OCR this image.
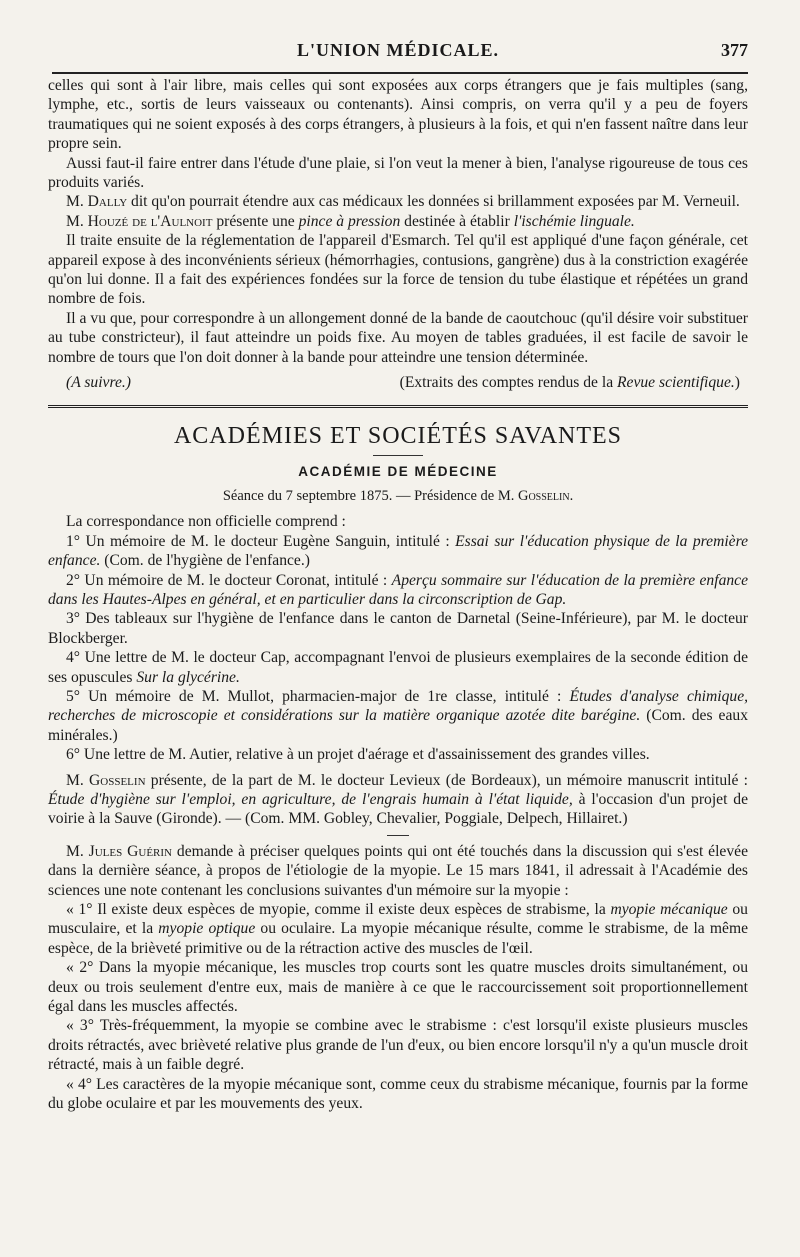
L'UNION MÉDICALE.	377

celles qui sont à l'air libre, mais celles qui sont exposées aux corps étrangers que je fais multiples (sang, lymphe, etc., sortis de leurs vaisseaux ou contenants). Ainsi compris, on verra qu'il y a peu de foyers traumatiques qui ne soient exposés à des corps étrangers, à plusieurs à la fois, et qui n'en fassent naître dans leur propre sein.

Aussi faut-il faire entrer dans l'étude d'une plaie, si l'on veut la mener à bien, l'analyse rigoureuse de tous ces produits variés.

M. Dally dit qu'on pourrait étendre aux cas médicaux les données si brillamment exposées par M. Verneuil.

M. Houzé de l'Aulnoit présente une pince à pression destinée à établir l'ischémie linguale.

Il traite ensuite de la réglementation de l'appareil d'Esmarch. Tel qu'il est appliqué d'une façon générale, cet appareil expose à des inconvénients sérieux (hémorrhagies, contusions, gangrène) dus à la constriction exagérée qu'on lui donne. Il a fait des expériences fondées sur la force de tension du tube élastique et répétées un grand nombre de fois.

Il a vu que, pour correspondre à un allongement donné de la bande de caoutchouc (qu'il désire voir substituer au tube constricteur), il faut atteindre un poids fixe. Au moyen de tables graduées, il est facile de savoir le nombre de tours que l'on doit donner à la bande pour atteindre une tension déterminée.

(A suivre.)	(Extraits des comptes rendus de la Revue scientifique.)
ACADÉMIES ET SOCIÉTÉS SAVANTES
ACADÉMIE DE MÉDECINE
Séance du 7 septembre 1875. — Présidence de M. Gosselin.

La correspondance non officielle comprend :

1° Un mémoire de M. le docteur Eugène Sanguin, intitulé : Essai sur l'éducation physique de la première enfance. (Com. de l'hygiène de l'enfance.)

2° Un mémoire de M. le docteur Coronat, intitulé : Aperçu sommaire sur l'éducation de la première enfance dans les Hautes-Alpes en général, et en particulier dans la circonscription de Gap.

3° Des tableaux sur l'hygiène de l'enfance dans le canton de Darnetal (Seine-Inférieure), par M. le docteur Blockberger.

4° Une lettre de M. le docteur Cap, accompagnant l'envoi de plusieurs exemplaires de la seconde édition de ses opuscules Sur la glycérine.

5° Un mémoire de M. Mullot, pharmacien-major de 1re classe, intitulé : Études d'analyse chimique, recherches de microscopie et considérations sur la matière organique azotée dite barégine. (Com. des eaux minérales.)

6° Une lettre de M. Autier, relative à un projet d'aérage et d'assainissement des grandes villes.

M. Gosselin présente, de la part de M. le docteur Levieux (de Bordeaux), un mémoire manuscrit intitulé : Étude d'hygiène sur l'emploi, en agriculture, de l'engrais humain à l'état liquide, à l'occasion d'un projet de voirie à la Sauve (Gironde). — (Com. MM. Gobley, Chevalier, Poggiale, Delpech, Hillairet.)

M. Jules Guérin demande à préciser quelques points qui ont été touchés dans la discussion qui s'est élevée dans la dernière séance, à propos de l'étiologie de la myopie. Le 15 mars 1841, il adressait à l'Académie des sciences une note contenant les conclusions suivantes d'un mémoire sur la myopie :

« 1° Il existe deux espèces de myopie, comme il existe deux espèces de strabisme, la myopie mécanique ou musculaire, et la myopie optique ou oculaire. La myopie mécanique résulte, comme le strabisme, de la même espèce, de la brièveté primitive ou de la rétraction active des muscles de l'œil.

« 2° Dans la myopie mécanique, les muscles trop courts sont les quatre muscles droits simultanément, ou deux ou trois seulement d'entre eux, mais de manière à ce que le raccourcissement soit proportionnellement égal dans les muscles affectés.

« 3° Très-fréquemment, la myopie se combine avec le strabisme : c'est lorsqu'il existe plusieurs muscles droits rétractés, avec brièveté relative plus grande de l'un d'eux, ou bien encore lorsqu'il n'y a qu'un muscle droit rétracté, mais à un faible degré.

« 4° Les caractères de la myopie mécanique sont, comme ceux du strabisme mécanique, fournis par la forme du globe oculaire et par les mouvements des yeux.
